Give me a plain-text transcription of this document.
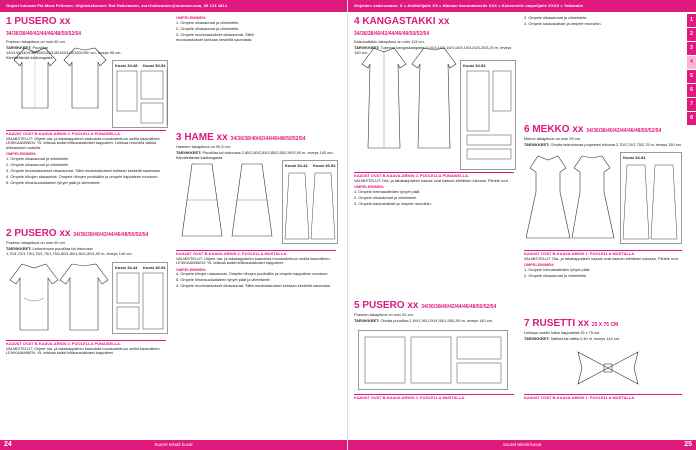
Ohjeet kuluvan Pia Mera Pellesen. Ohjetekstorisct: Rot Halkeasten, suri.halkeasten@suomea.com, 09 123 1814
1 PUSERO xx 34/36/38/40/42/44/46/48/50/52/54
Puseron takapituus on noin 60 cm.
TARVIKKEET: Puuvillan 140/140/140/140/145/145/145/145/145/150/150/ cm, leveys 96 cm. Kiinnitettävää tukikangasta.
Kuosi 34-48 Kuosi 50-54
KAAVAT OVAT B-KAAVA-ARKIN 2. PUOLELLA PUNAISELLA.
VALMISTELUT: Ohjeet ota- ja takakappaleen kaavoista muodosteltuun omilla kaavoilleen. LEIKKAAMINEN: Yli- leikkaa kaikki leikkauslaitoiset kappaleet. Leikkaa reunoilla vaikka leikkaukset ruutuilta.
OMPELEMINEN:
1. Ompele olkasaumat ja viimeistele.
2. Ompele olkasaumat ja viimeistele.
3. Ompele muotolaskokset olkasaumat. Silitä muotolaskokset kohtaan keskellä saumasta.
4. Ompele hihojen alasaumat. Ompele hihojen puoliväliin ja ompele kappaleen muotoon.
5. Ompele hihansuukaitaleen lyhyet päät ja viimeistele.
2 PUSERO xx 34/36/38/40/42/44/46/48/50/52/54
Puseron takapituus on noin 60 cm.
TARVIKKEET: Ledmotovan puuvillaa tai viskoosia 1,70/1,70/1,70/1,75/1,75/1,75/1,80/1,80/1,80/1,80/1,90 m, leveys 140 cm.
Kuosi 34-44 Kuosi 46-54
KAAVAT OVAT B-KAAVA-ARKIN 2. PUOLELLA PUNAISELLA.
VALMISTELUT: Ohjeet ota- ja takakappaleen kaavoista muodosteltuun omilla kaavoilleen. LEIKKAAMINEN: Yli- leikkaa kaikki leikkauslaitoiset kappaleet.
OMPELEMINEN:
1. Ompele olkasaumat ja viimeistele.
2. Ompele olkasaumat ja viimeistele.
3. Ompele muotolaskokset olkasaumat. Silitä muotolaskokset kohtaan keskellä saumasta.
3 HAME xx 34/36/38/40/42/44/46/48/50/52/54
Hameen takapituus on 90,5 cm.
TARVIKKEET: Puuvillaa tai viskoosia 2,80/2,80/2,85/2,85/2,85/2,90/2,90 m, leveys 140 cm. Kiinnitettävää tukikangasta.
Kuosi 34-44 Kuosi 46-54
KAAVAT OVAT B-KAAVA-ARKIN 2. PUOLELLA MUSTALLA.
VALMISTELUT: Ohjeet ota- ja takakappaleen kaavoista muodosteltuun omilla kaavoilleen. LEIKKAAMINEN: Yli- leikkaa kaikki leikkauslaitoiset kappaleet.
OMPELEMINEN:
4. Ompele hihojen alasaumat. Ompele hihojen puoliväliin ja ompele kappaleen muotoon.
5. Ompele hihansuukaitaleen lyhyet päät ja viimeistele.
3. Ompele muotolaskokset olkasaumat. Silitä muotolaskokset kohtaan keskellä saumasta.
Suuret tekstit kuvat
24
Ohjeiden vaikeustaso: X = Aloittelijalle XX = Hieman harrastaneelle XXX = Kokeneelle ompelijalle XXXX = Taitavalle
1
2
3
4
5
6
7
8
4 KANGASTAKKI xx 34/36/38/40/42/44/46/48/50/52/54
Kaisunuttakin takapituus on noin 113 cm.
TARVIKKEET: Tukevaa kangaskangasta 3,10/3,10/3,15/3,15/3,15/3,20/3,20/3,20 m, leveys 140 cm.
Kuosi 34-54
KAAVAT OVAT B-KAAVA-ARKIN 2. PUOLELLA PUNAISELLA.
VALMISTELUT: Ota- ja takakappaleen kaavat ovat kaavan eteläisen tukossa. Piirtele ruut.
OMPELEMINEN:
1. Ompele helmakaiteiden lyhyet päät.
2. Ompele olkasaumat ja viimeistele.
3. Ompele kauluskaitale ja ompele reunoihin.
5 PUSERO xx 34/36/38/40/42/44/46/48/50/52/54
Puseron takapituus on noin 62 cm.
TARVIKKEET: Ohutta puuvillaa 1,90/1,90/1,90/1,95/1,95/1,95 m, leveys 140 cm.
KAAVAT OVAT B-KAAVA-ARKIN 2. PUOLELLA MUSTALLA.
2. Ompele olkasaumat ja viimeistele.
3. Ompele kauluskaitale ja ompele reunoihin.
6 MEKKO xx 34/36/38/40/42/44/46/48/50/52/54
Mekon takapituus on noin 90 cm.
TARVIKKEET: Ohutta ledmotovaa polyesteri trikoota 2,70/2,70/2,75/2,75 m, leveys 150 cm.
Kuosi 34-54
KAAVAT OVAT B-KAAVA-ARKIN 1. PUOLELLA MUSTALLA.
VALMISTELUT: Ota- ja takakappaleen kaavat ovat kaavan eteläisen tukossa. Piirtele ruut.
OMPELEMINEN:
1. Ompele helmakaiteiden lyhyet päät.
2. Ompele olkasaumat ja viimeistele.
7 RUSETTI xx 25 X 75 CM
Leikkaa rusetin kaksi kappaletta 25 x 75 cm.
TARVIKKEET: Satiinia tai tafttia 0,40 m, leveys 140 cm.
KAAVAT OVAT B-KAAVA-ARKIN 1. PUOLELLA MUSTALLA.
Suuret tekstit kuvat	25
